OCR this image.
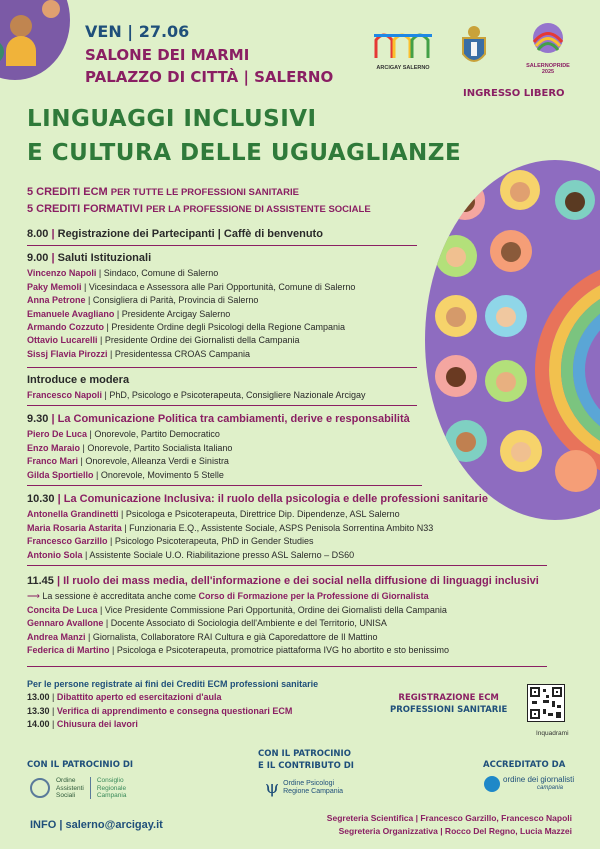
VEN | 27.06
SALONE DEI MARMI
PALAZZO DI CITTÀ | SALERNO	ARCIGAY SALERNO	SALERNOPRIDE 2025
INGRESSO LIBERO
LINGUAGGI INCLUSIVI
E CULTURA DELLE UGUAGLIANZE
5 CREDITI ECM PER TUTTE LE PROFESSIONI SANITARIE
5 CREDITI FORMATIVI PER LA PROFESSIONE DI ASSISTENTE SOCIALE
8.00 | Registrazione dei Partecipanti | Caffè di benvenuto
9.00 | Saluti Istituzionali
Vincenzo Napoli | Sindaco, Comune di Salerno
Paky Memoli | Vicesindaca e Assessora alle Pari Opportunità, Comune di Salerno
Anna Petrone | Consigliera di Parità, Provincia di Salerno
Emanuele Avagliano | Presidente Arcigay Salerno
Armando Cozzuto | Presidente Ordine degli Psicologi della Regione Campania
Ottavio Lucarelli | Presidente Ordine dei Giornalisti della Campania
Sissj Flavia Pirozzi | Presidentessa CROAS Campania
Introduce e modera
Francesco Napoli | PhD, Psicologo e Psicoterapeuta, Consigliere Nazionale Arcigay
9.30 | La Comunicazione Politica tra cambiamenti, derive e responsabilità
Piero De Luca | Onorevole, Partito Democratico
Enzo Maraio | Onorevole, Partito Socialista Italiano
Franco Mari | Onorevole, Alleanza Verdi e Sinistra
Gilda Sportiello | Onorevole, Movimento 5 Stelle
10.30 | La Comunicazione Inclusiva: il ruolo della psicologia e delle professioni sanitarie
Antonella Grandinetti | Psicologa e Psicoterapeuta, Direttrice Dip. Dipendenze, ASL Salerno
Maria Rosaria Astarita | Funzionaria E.Q., Assistente Sociale, ASPS Penisola Sorrentina Ambito N33
Francesco Garzillo | Psicologo Psicoterapeuta, PhD in Gender Studies
Antonio Sola | Assistente Sociale U.O. Riabilitazione presso ASL Salerno – DS60
11.45 | Il ruolo dei mass media, dell'informazione e dei social nella diffusione di linguaggi inclusivi
⟶ La sessione è accreditata anche come Corso di Formazione per la Professione di Giornalista
Concita De Luca | Vice Presidente Commissione Pari Opportunità, Ordine dei Giornalisti della Campania
Gennaro Avallone | Docente Associato di Sociologia dell'Ambiente e del Territorio, UNISA
Andrea Manzi | Giornalista, Collaboratore RAI Cultura e già Caporedattore de Il Mattino
Federica di Martino | Psicologa e Psicoterapeuta, promotrice piattaforma IVG ho abortito e sto benissimo
Per le persone registrate ai fini dei Crediti ECM professioni sanitarie
13.00 | Dibattito aperto ed esercitazioni d'aula
13.30 | Verifica di apprendimento e consegna questionari ECM
14.00 | Chiusura dei lavori
REGISTRAZIONE ECM
PROFESSIONI SANITARIE
Inquadrami
CON IL PATROCINIO DI
Ordine
Assistenti
Sociali
Consiglio
Regionale
Campania
CON IL PATROCINIO
E IL CONTRIBUTO DI
ψ Ordine Psicologi
Regione Campania
ACCREDITATO DA
ordine dei giornalisti
campania
INFO | salerno@arcigay.it
Segreteria Scientifica | Francesco Garzillo, Francesco Napoli
Segreteria Organizzativa | Rocco Del Regno, Lucia Mazzei
